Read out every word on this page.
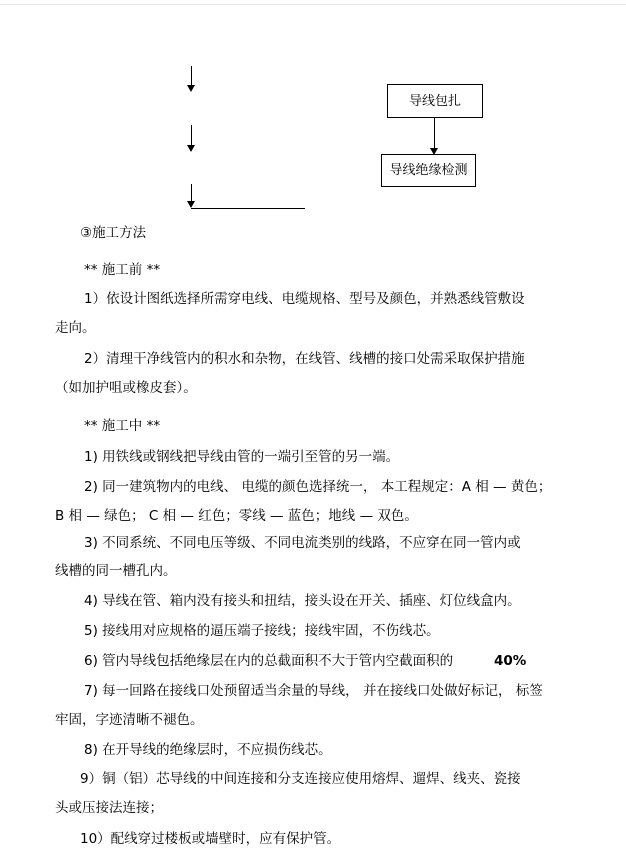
导线包扎
导线绝缘检测
③施工方法
** 施工前 **
1）依设计图纸选择所需穿电线、电缆规格、型号及颜色，并熟悉线管敷设
走向。
2）清理干净线管内的积水和杂物，在线管、线槽的接口处需采取保护措施
（如加护咀或橡皮套）。
** 施工中 **
1) 用铁线或钢线把导线由管的一端引至管的另一端。
2) 同一建筑物内的电线、 电缆的颜色选择统一， 本工程规定：A 相 — 黄色；
B 相 — 绿色； C 相 — 红色；零线 — 蓝色；地线 — 双色。
3) 不同系统、不同电压等级、不同电流类别的线路，不应穿在同一管内或
线槽的同一槽孔内。
4) 导线在管、箱内没有接头和扭结，接头设在开关、插座、灯位线盒内。
5) 接线用对应规格的逼压端子接线；接线牢固，不伤线芯。
6) 管内导线包括绝缘层在内的总截面积不大于管内空截面积的	40%
7) 每一回路在接线口处预留适当余量的导线， 并在接线口处做好标记， 标签
牢固，字迹清晰不褪色。
8) 在开导线的绝缘层时，不应损伤线芯。
9）铜（铝）芯导线的中间连接和分支连接应使用熔焊、遛焊、线夹、瓷接
头或压接法连接；
10）配线穿过楼板或墙壁时，应有保护管。
